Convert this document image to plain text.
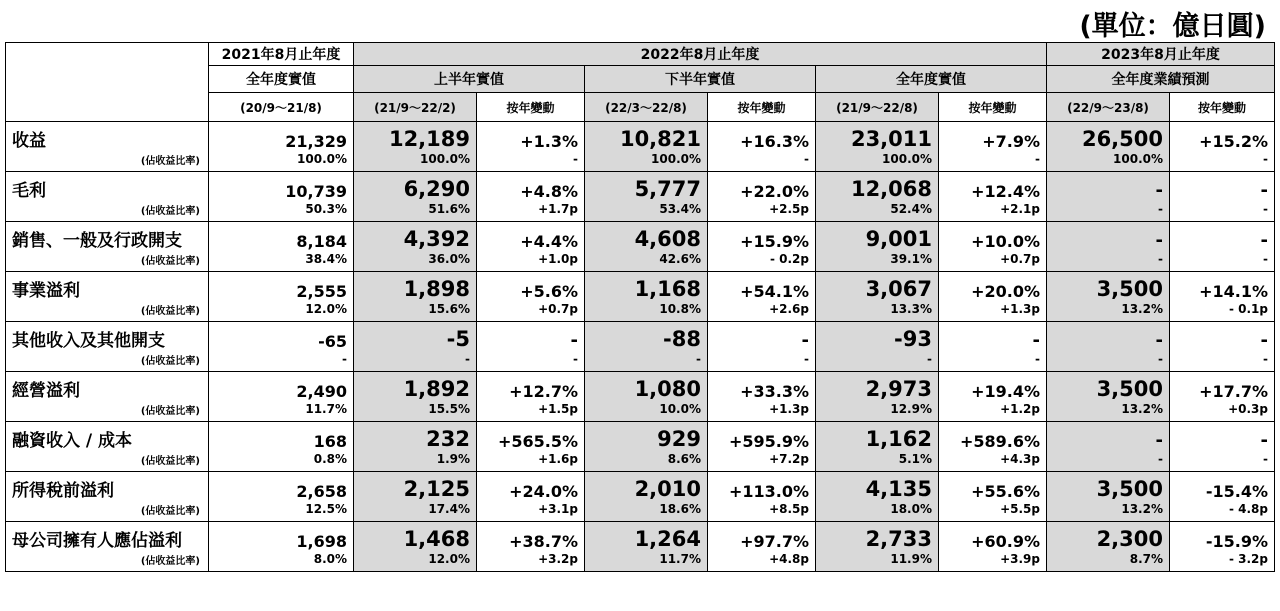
(單位：億日圓)
	2021年8月止年度	2022年8月止年度						2023年8月止年度	
	全年度實值	上半年實值		下半年實值		全年度實值		全年度業績預測	
	(20/9～21/8)	(21/9～22/2)	按年變動	(22/3～22/8)	按年變動	(21/9～22/8)	按年變動	(22/9～23/8)	按年變動
收益	21,329	12,189	+1.3%	10,821	+16.3%	23,011	+7.9%	26,500	+15.2%
(佔收益比率)	100.0%	100.0%	-	100.0%	-	100.0%	-	100.0%	-
毛利	10,739	6,290	+4.8%	5,777	+22.0%	12,068	+12.4%	-	-
(佔收益比率)	50.3%	51.6%	+1.7p	53.4%	+2.5p	52.4%	+2.1p	-	-
銷售、一般及行政開支	8,184	4,392	+4.4%	4,608	+15.9%	9,001	+10.0%	-	-
(佔收益比率)	38.4%	36.0%	+1.0p	42.6%	- 0.2p	39.1%	+0.7p	-	-
事業溢利	2,555	1,898	+5.6%	1,168	+54.1%	3,067	+20.0%	3,500	+14.1%
(佔收益比率)	12.0%	15.6%	+0.7p	10.8%	+2.6p	13.3%	+1.3p	13.2%	- 0.1p
其他收入及其他開支	-65	-5	-	-88	-	-93	-	-	-
(佔收益比率)	-	-	-	-	-	-	-	-	-
經營溢利	2,490	1,892	+12.7%	1,080	+33.3%	2,973	+19.4%	3,500	+17.7%
(佔收益比率)	11.7%	15.5%	+1.5p	10.0%	+1.3p	12.9%	+1.2p	13.2%	+0.3p
融資收入 / 成本	168	232	+565.5%	929	+595.9%	1,162	+589.6%	-	-
(佔收益比率)	0.8%	1.9%	+1.6p	8.6%	+7.2p	5.1%	+4.3p	-	-
所得稅前溢利	2,658	2,125	+24.0%	2,010	+113.0%	4,135	+55.6%	3,500	-15.4%
(佔收益比率)	12.5%	17.4%	+3.1p	18.6%	+8.5p	18.0%	+5.5p	13.2%	- 4.8p
母公司擁有人應佔溢利	1,698	1,468	+38.7%	1,264	+97.7%	2,733	+60.9%	2,300	-15.9%
(佔收益比率)	8.0%	12.0%	+3.2p	11.7%	+4.8p	11.9%	+3.9p	8.7%	- 3.2p
